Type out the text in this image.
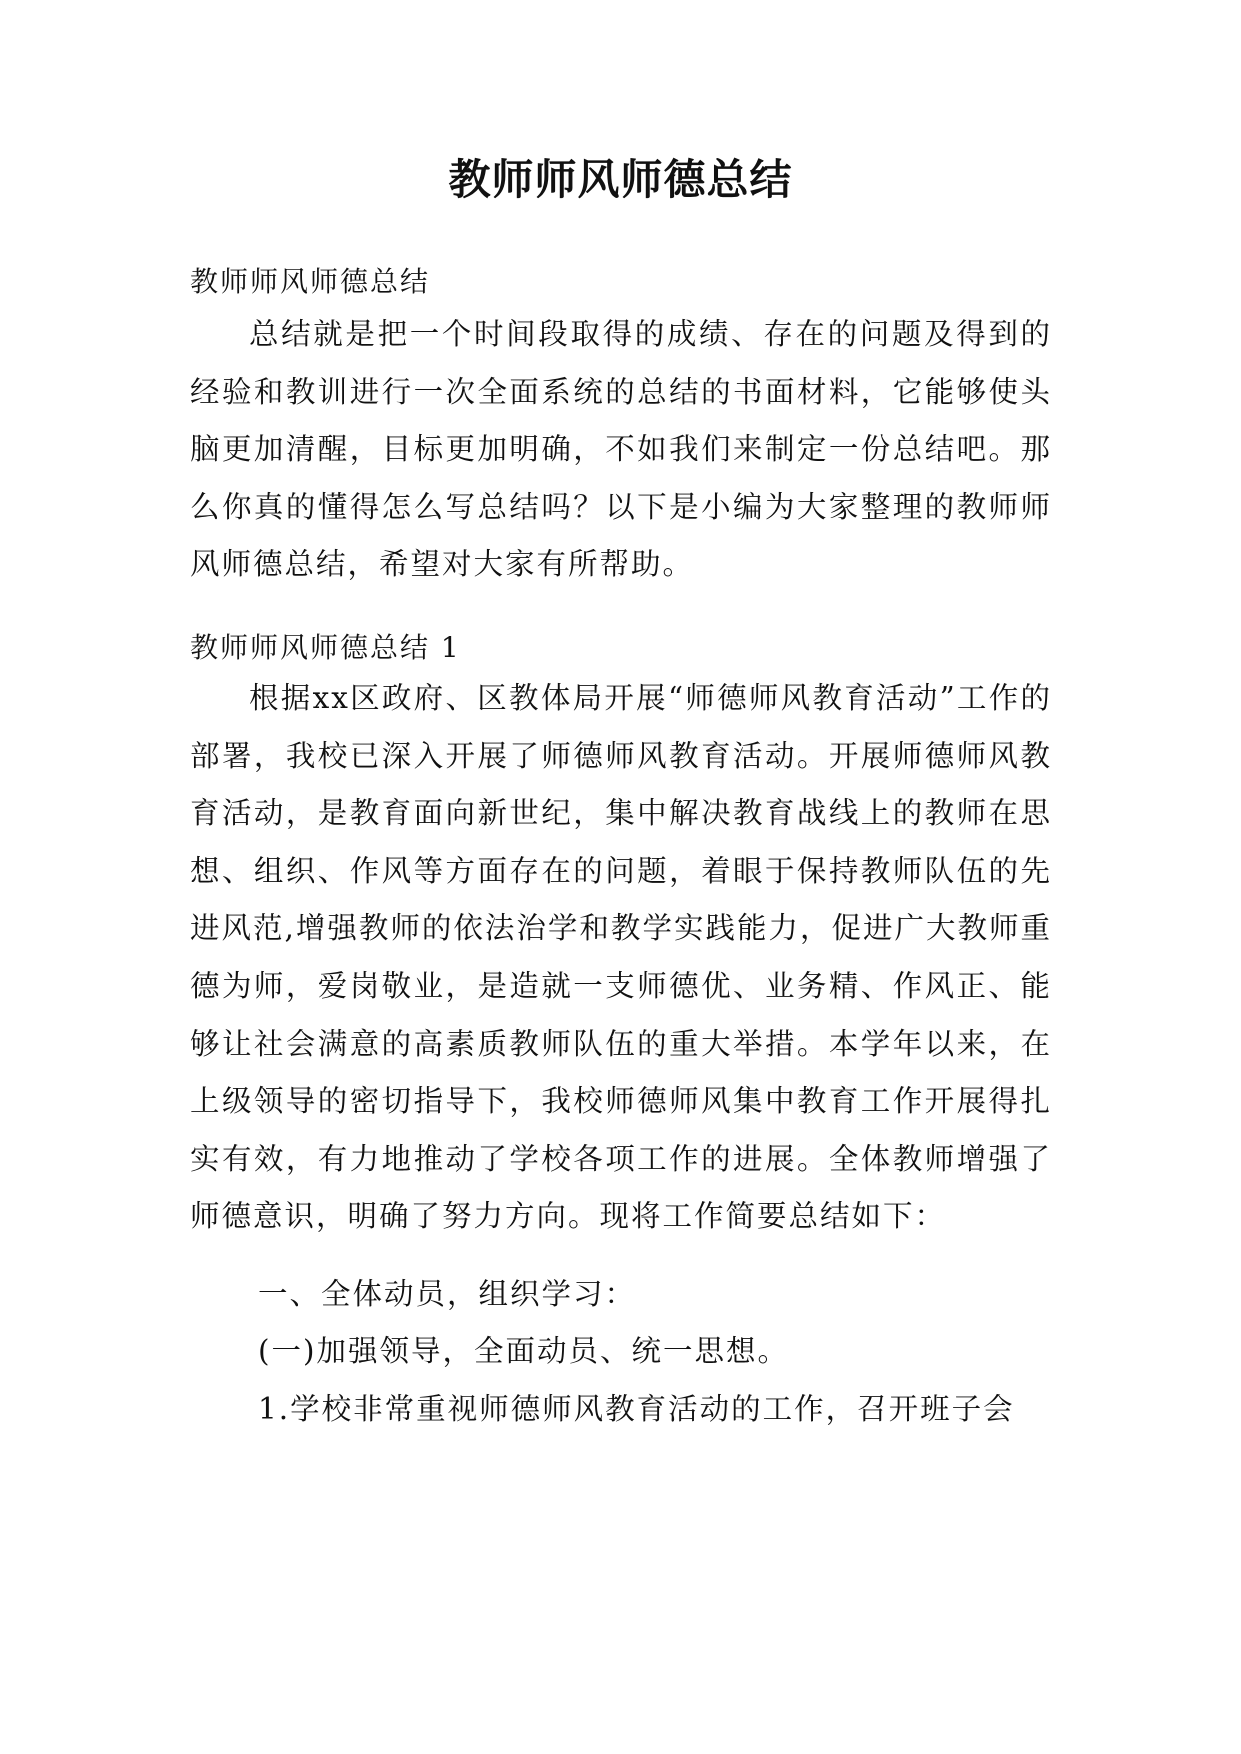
教师师风师德总结
教师师风师德总结
总结就是把一个时间段取得的成绩、存在的问题及得到的经验和教训进行一次全面系统的总结的书面材料，它能够使头脑更加清醒，目标更加明确，不如我们来制定一份总结吧。那么你真的懂得怎么写总结吗？以下是小编为大家整理的教师师风师德总结，希望对大家有所帮助。
教师师风师德总结 1
根据xx区政府、区教体局开展“师德师风教育活动”工作的部署，我校已深入开展了师德师风教育活动。开展师德师风教育活动，是教育面向新世纪，集中解决教育战线上的教师在思想、组织、作风等方面存在的问题，着眼于保持教师队伍的先进风范,增强教师的依法治学和教学实践能力，促进广大教师重德为师，爱岗敬业，是造就一支师德优、业务精、作风正、能够让社会满意的高素质教师队伍的重大举措。本学年以来，在上级领导的密切指导下，我校师德师风集中教育工作开展得扎实有效，有力地推动了学校各项工作的进展。全体教师增强了师德意识，明确了努力方向。现将工作简要总结如下：
一、全体动员，组织学习：
(一)加强领导，全面动员、统一思想。
1.学校非常重视师德师风教育活动的工作，召开班子会
